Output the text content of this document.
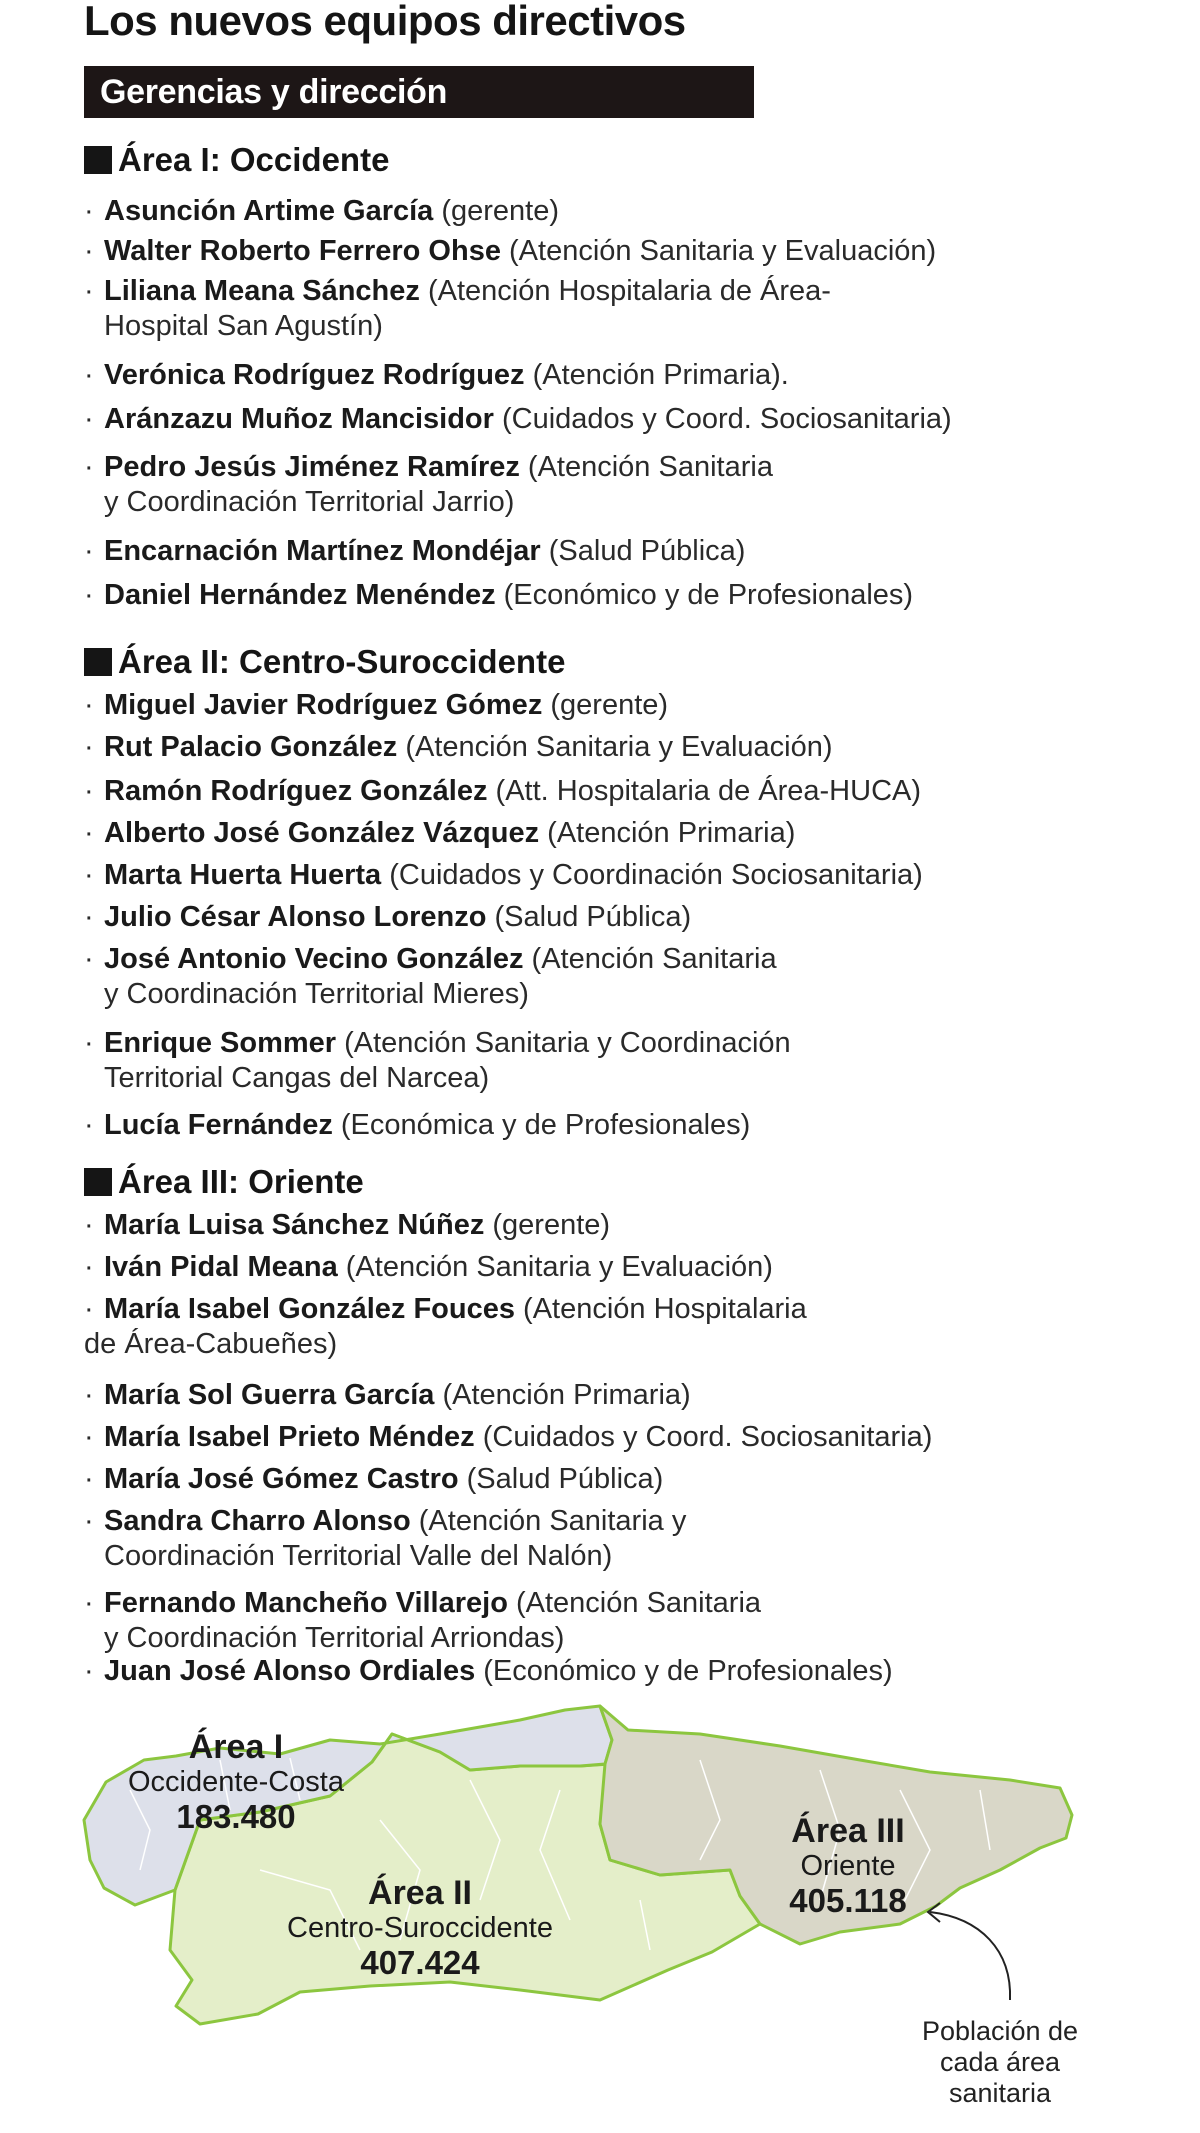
Los nuevos equipos directivos
Gerencias y dirección
Área I: Occidente
· Asunción Artime García (gerente)
· Walter Roberto Ferrero Ohse (Atención Sanitaria y Evaluación)
· Liliana Meana Sánchez (Atención Hospitalaria de Área-
Hospital San Agustín)
· Verónica Rodríguez Rodríguez (Atención Primaria).
· Aránzazu Muñoz Mancisidor (Cuidados y Coord. Sociosanitaria)
· Pedro Jesús Jiménez Ramírez (Atención Sanitaria
y Coordinación Territorial Jarrio)
· Encarnación Martínez Mondéjar (Salud Pública)
· Daniel Hernández Menéndez (Económico y de Profesionales)
Área II: Centro-Suroccidente
· Miguel Javier Rodríguez Gómez (gerente)
· Rut Palacio González (Atención Sanitaria y Evaluación)
· Ramón Rodríguez González (Att. Hospitalaria de Área-HUCA)
· Alberto José González Vázquez (Atención Primaria)
· Marta Huerta Huerta (Cuidados y Coordinación Sociosanitaria)
· Julio César Alonso Lorenzo (Salud Pública)
· José Antonio Vecino González (Atención Sanitaria
y Coordinación Territorial Mieres)
· Enrique Sommer (Atención Sanitaria y Coordinación
Territorial Cangas del Narcea)
· Lucía Fernández (Económica y de Profesionales)
Área III: Oriente
· María Luisa Sánchez Núñez (gerente)
· Iván Pidal Meana (Atención Sanitaria y Evaluación)
· María Isabel González Fouces (Atención Hospitalaria
de Área-Cabueñes)
· María Sol Guerra García (Atención Primaria)
· María Isabel Prieto Méndez (Cuidados y Coord. Sociosanitaria)
· María José Gómez Castro (Salud Pública)
· Sandra Charro Alonso (Atención Sanitaria y
Coordinación Territorial Valle del Nalón)
· Fernando Mancheño Villarejo (Atención Sanitaria
y Coordinación Territorial Arriondas)
· Juan José Alonso Ordiales (Económico y de Profesionales)
Área I
Occidente-Costa
183.480
Área II
Centro-Suroccidente
407.424
Área III
Oriente
405.118
Población de cada área sanitaria
